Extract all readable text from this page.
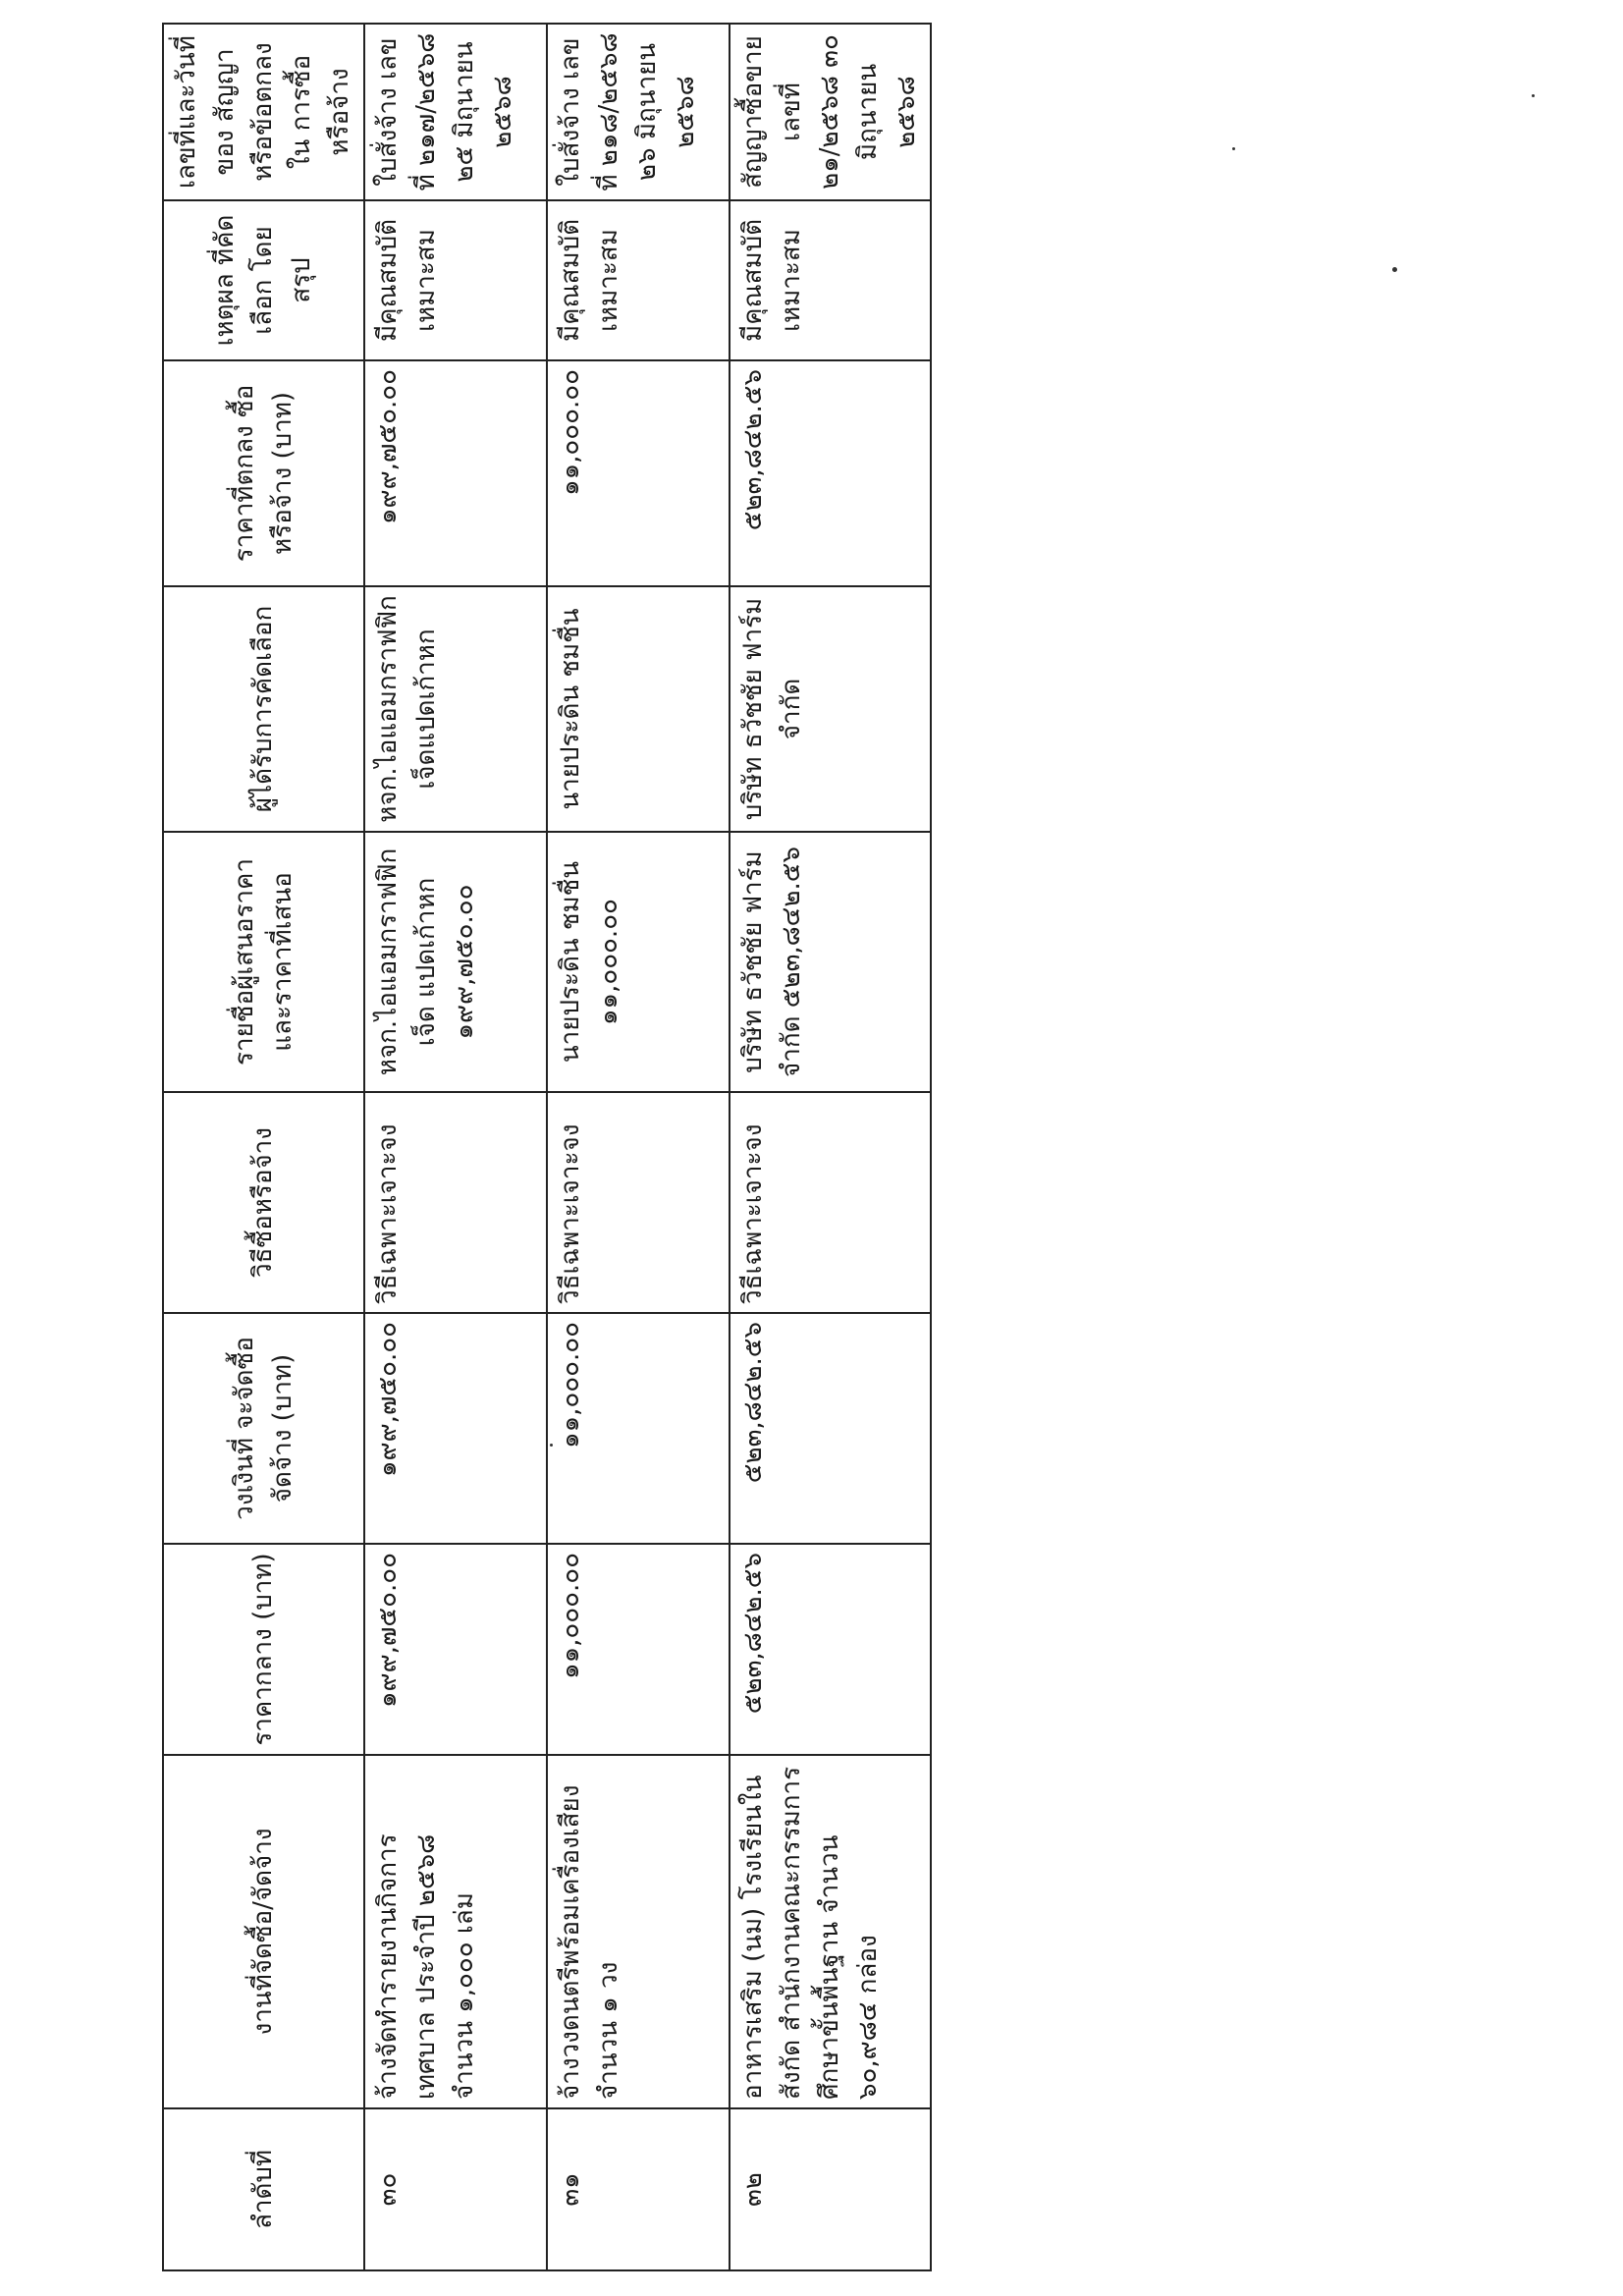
ลำดับที่	งานที่จัดซื้อ/จัดจ้าง	ราคากลาง (บาท)	วงเงินที่ จะจัดซื้อจัดจ้าง (บาท)	วิธีซื้อหรือจ้าง	รายชื่อผู้เสนอราคา และราคาที่เสนอ	ผู้ได้รับการคัดเลือก	ราคาที่ตกลง ซื้อหรือจ้าง (บาท)	เหตุผล ที่คัดเลือก โดยสรุป	เลขที่และวันที่ของ สัญญา หรือข้อตกลงใน การซื้อหรือจ้าง
๓๐	จ้างจัดทำรายงานกิจการเทศบาล ประจำปี ๒๕๖๘ จำนวน ๑,๐๐๐ เล่ม	๑๙๙,๗๕๐.๐๐	๑๙๙,๗๕๐.๐๐	วิธีเฉพาะเจาะจง	หจก.ไอแอมกราฟฟิกเจ็ด แปดเก้าหก ๑๙๙,๗๕๐.๐๐	หจก.ไอแอมกราฟฟิก เจ็ดแปดเก้าหก	๑๙๙,๗๕๐.๐๐	มีคุณสมบัติ เหมาะสม	ใบสั่งจ้าง เลขที่ ๒๑๗/๒๕๖๘ ๒๕ มิถุนายน ๒๕๖๘
๓๑	จ้างวงดนตรีพร้อมเครื่องเสียง จำนวน ๑ วง	๑๑,๐๐๐.๐๐	๑๑,๐๐๐.๐๐	วิธีเฉพาะเจาะจง	นายประดิน ชมชื่น ๑๑,๐๐๐.๐๐	นายประดิน ชมชื่น	๑๑,๐๐๐.๐๐	มีคุณสมบัติ เหมาะสม	ใบสั่งจ้าง เลขที่ ๒๑๘/๒๕๖๘ ๒๖ มิถุนายน ๒๕๖๘
๓๒	อาหารเสริม (นม) โรงเรียนในสังกัด สำนักงานคณะกรรมการศึกษาขั้นพื้นฐาน จำนวน ๖๐,๙๘๔ กล่อง	๕๒๓,๘๔๒.๕๖	๕๒๓,๘๔๒.๕๖	วิธีเฉพาะเจาะจง	บริษัท ธวัชชัย ฟาร์ม จำกัด ๕๒๓,๘๔๒.๕๖	บริษัท ธวัชชัย ฟาร์ม จำกัด	๕๒๓,๘๔๒.๕๖	มีคุณสมบัติ เหมาะสม	สัญญาซื้อขาย เลขที่ ๒๑/๒๕๖๘ ๓๐ มิถุนายน ๒๕๖๘
